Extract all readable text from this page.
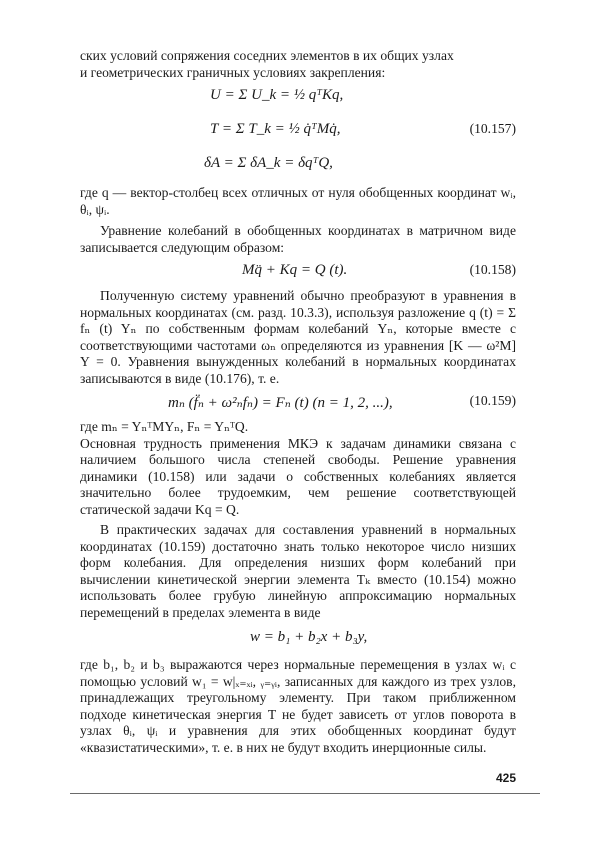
ских условий сопряжения соседних элементов в их общих узлах

и геометрических граничных условиях закрепления:

U = Σ U_k = ½ qᵀKq,
T = Σ T_k = ½ q̇ᵀMq̇,	(10.157)
δA = Σ δA_k = δqᵀQ,

где q — вектор-столбец всех отличных от нуля обобщенных координат wᵢ, θᵢ, ψᵢ.

Уравнение колебаний в обобщенных координатах в матричном виде записывается следующим образом:

Mq̈ + Kq = Q (t).	(10.158)

Полученную систему уравнений обычно преобразуют в уравнения в нормальных координатах (см. разд. 10.3.3), используя разложение q (t) = Σ fₙ (t) Yₙ по собственным формам колебаний Yₙ, которые вместе с соответствующими частотами ωₙ определяются из уравнения [K — ω²M] Y = 0. Уравнения вынужденных колебаний в нормальных координатах записываются в виде (10.176), т. е.

mₙ (f̈ₙ + ω²ₙfₙ) = Fₙ (t) (n = 1, 2, ...),	(10.159)

где mₙ = YₙᵀMYₙ, Fₙ = YₙᵀQ.

Основная трудность применения МКЭ к задачам динамики связана с наличием большого числа степеней свободы. Решение уравнения динамики (10.158) или задачи о собственных колебаниях является значительно более трудоемким, чем решение соответствующей статической задачи Kq = Q.

В практических задачах для составления уравнений в нормальных координатах (10.159) достаточно знать только некоторое число низших форм колебания. Для определения низших форм колебаний при вычислении кинетической энергии элемента Tₖ вместо (10.154) можно использовать более грубую линейную аппроксимацию нормальных перемещений в пределах элемента в виде

w = b₁ + b₂x + b₃y,

где b₁, b₂ и b₃ выражаются через нормальные перемещения в узлах wᵢ с помощью условий w₁ = w|ₓ₌ₓᵢ, ᵧ₌ᵧᵢ, записанных для каждого из трех узлов, принадлежащих треугольному элементу. При таком приближенном подходе кинетическая энергия T не будет зависеть от углов поворота в узлах θᵢ, ψᵢ и уравнения для этих обобщенных координат будут «квазистатическими», т. е. в них не будут входить инерционные силы.

425
